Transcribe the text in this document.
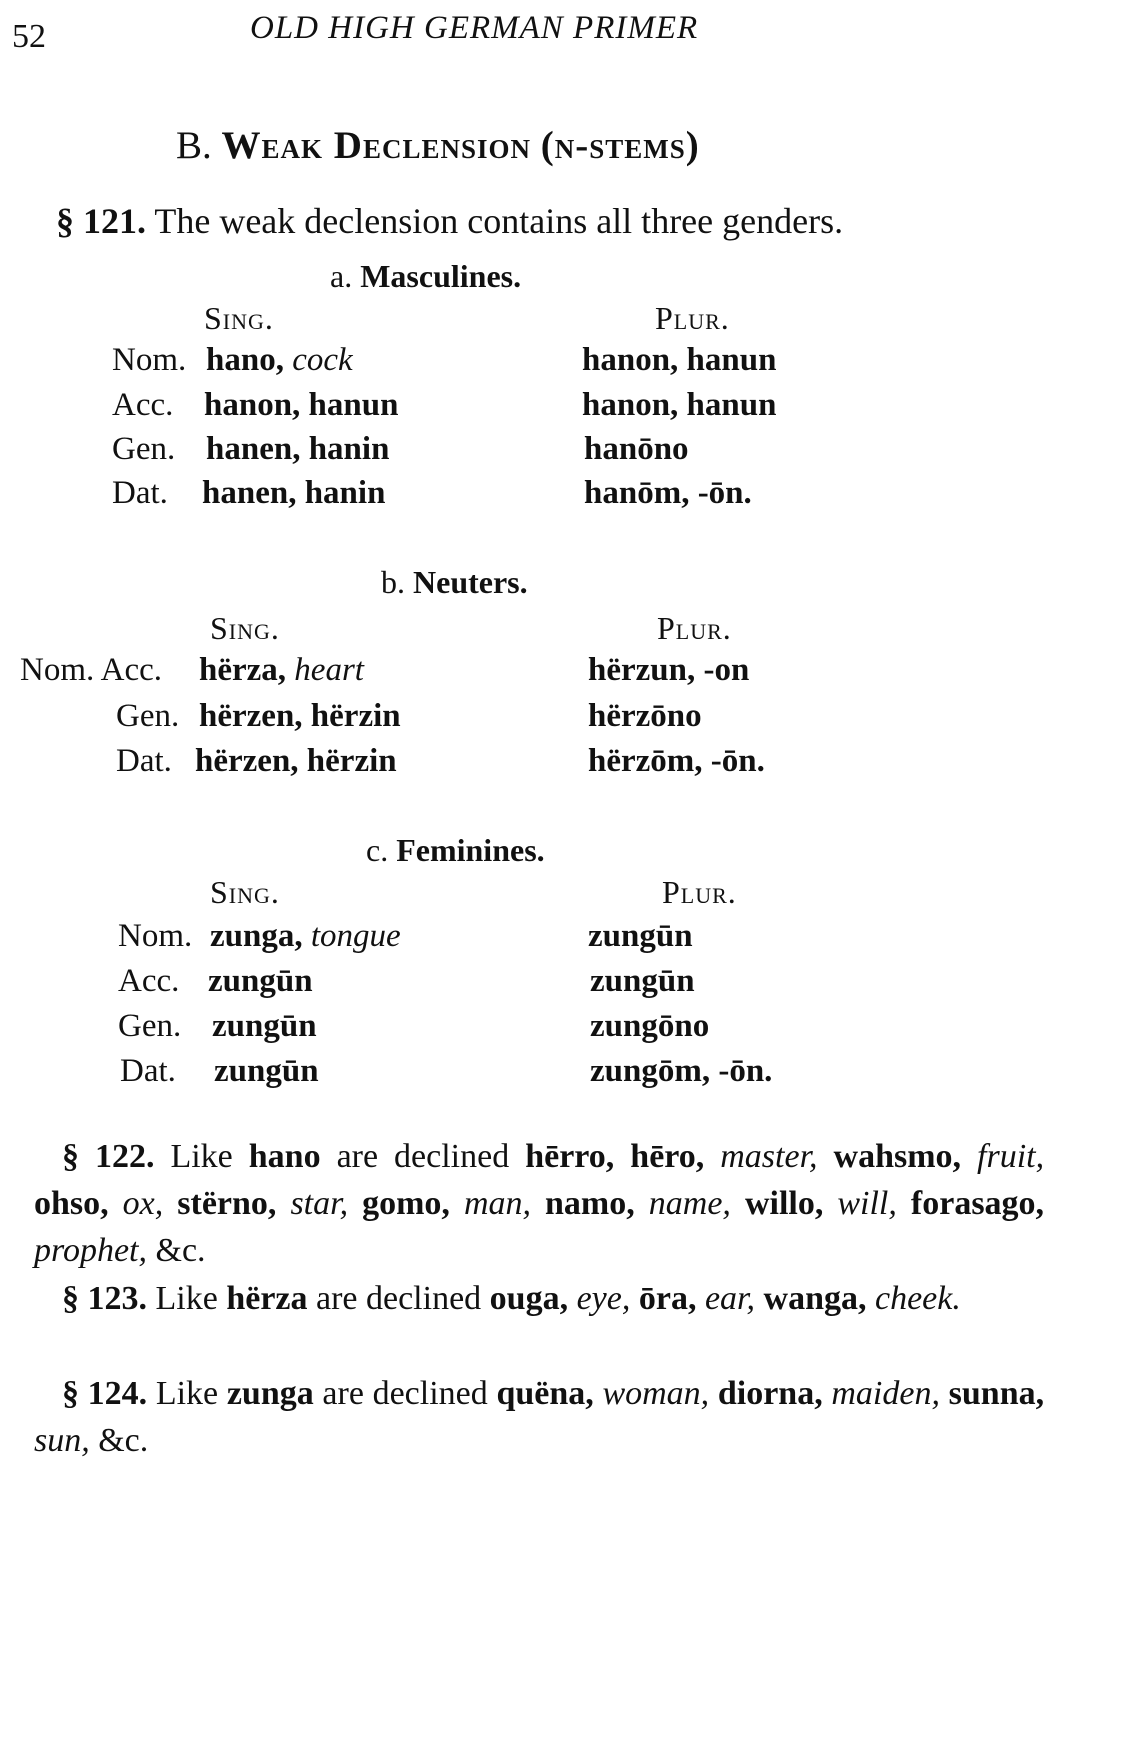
52	OLD HIGH GERMAN PRIMER
B. Weak Declension (n-stems)
§ 121. The weak declension contains all three genders.
a. Masculines.
Sing.	Plur.
Nom. hano, cock	hanon, hanun
Acc. hanon, hanun	hanon, hanun
Gen. hanen, hanin	hanōno
Dat. hanen, hanin	hanōm, -ōn.
b. Neuters.
Sing.	Plur.
Nom. Acc. hërza, heart	hërzun, -on
Gen. hërzen, hërzin	hërzōno
Dat. hërzen, hërzin	hërzōm, -ōn.
c. Feminines.
Sing.	Plur.
Nom. zunga, tongue	zungūn
Acc. zungūn	zungūn
Gen. zungūn	zungōno
Dat. zungūn	zungōm, -ōn.
§ 122. Like hano are declined hērro, hēro, master, wahsmo, fruit, ohso, ox, stërno, star, gomo, man, namo, name, willo, will, forasago, prophet, &c.
§ 123. Like hërza are declined ouga, eye, ōra, ear, wanga, cheek.
§ 124. Like zunga are declined quëna, woman, diorna, maiden, sunna, sun, &c.
